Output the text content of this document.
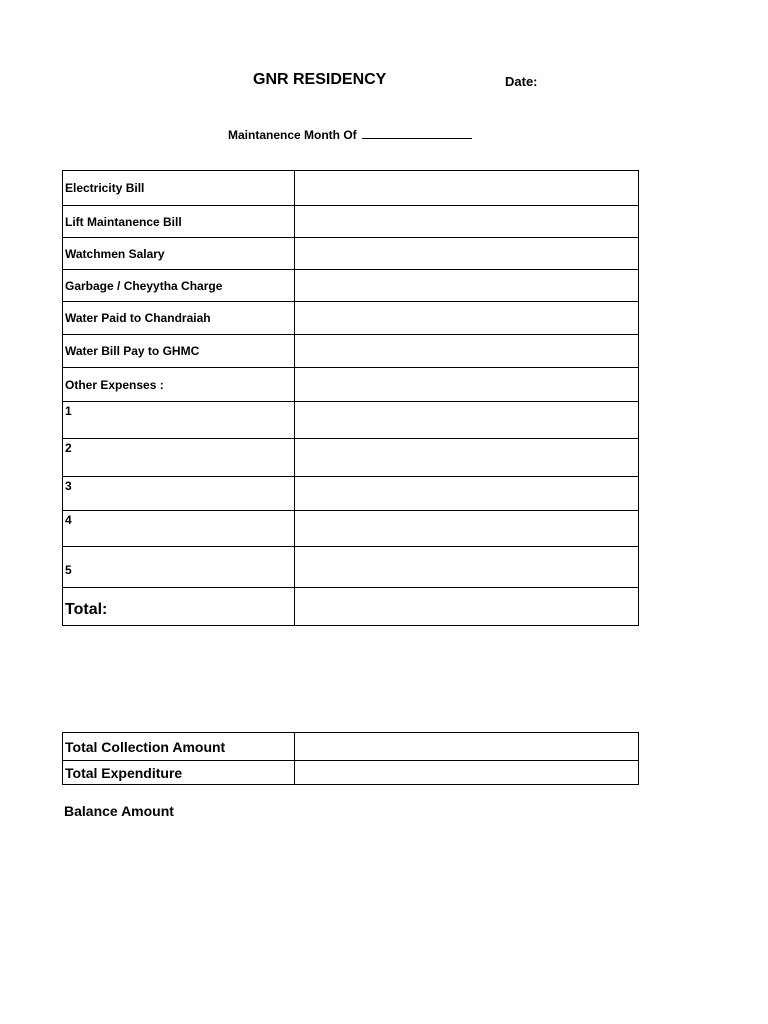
GNR RESIDENCY	Date:
Maintanence Month Of
Electricity Bill	
Lift Maintanence Bill	
Watchmen Salary	
Garbage / Cheyytha Charge	
Water Paid to Chandraiah	
Water Bill Pay to GHMC	
Other Expenses :	
1	
2	
3	
4	
5	
Total:	
Total Collection Amount	
Total Expenditure	
Balance Amount
